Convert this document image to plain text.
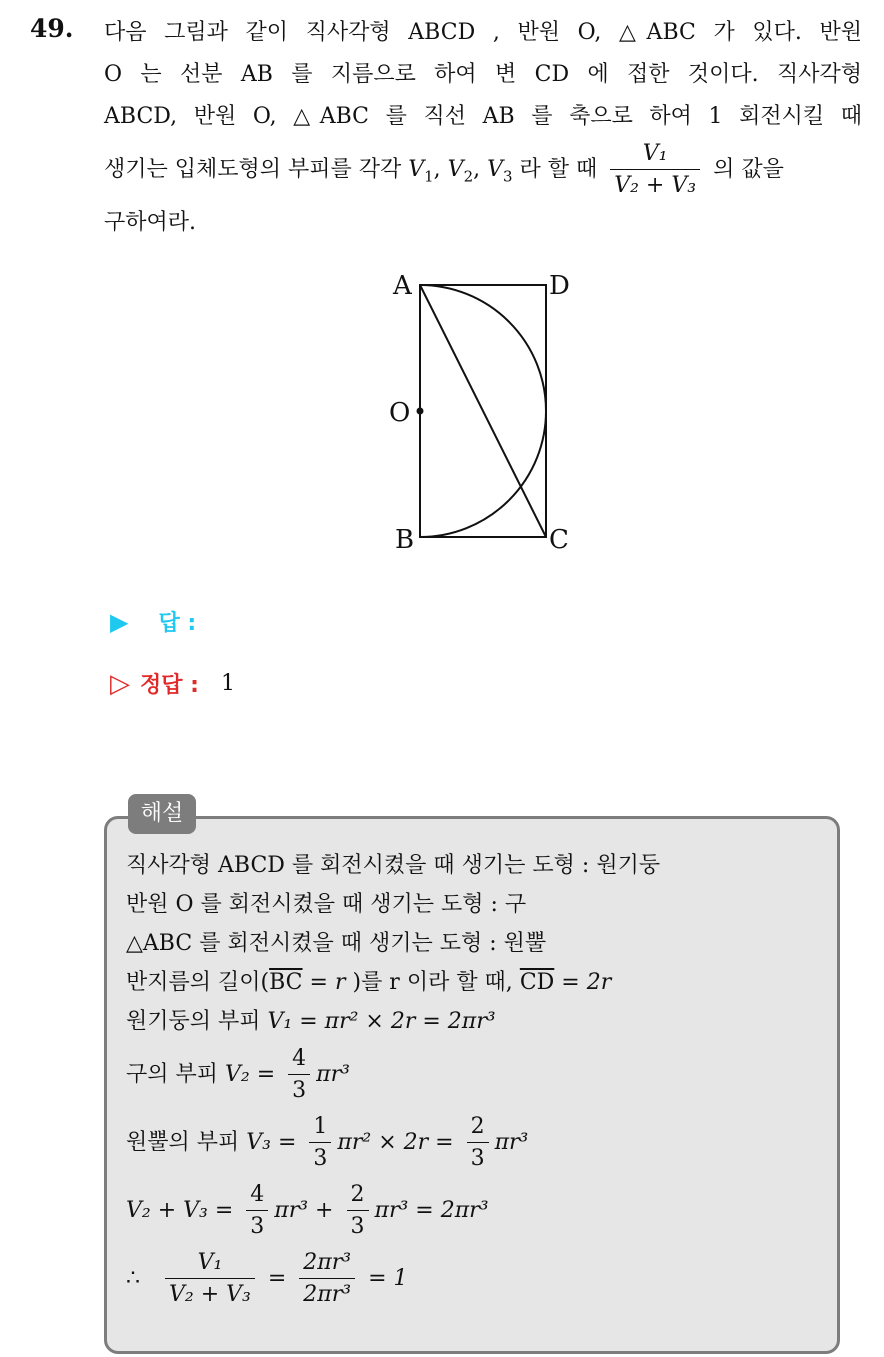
49. 다음 그림과 같이 직사각형 ABCD , 반원 O, △ABC 가 있다. 반원
O 는 선분 AB 를 지름으로 하여 변 CD 에 접한 것이다. 직사각형
ABCD, 반원 O, △ABC 를 직선 AB 를 축으로 하여 1 회전시킬 때
생기는 입체도형의 부피를 각각 $V_1$, $V_2$, $V_3$ 라 할 때 $\frac{\text{V₁}}{\text{V₂ + V₃}}$ 의 값을
구하여라.
A	D
O
B	C
▶ 답 :
▷ 정답 : 1
해설
직사각형 ABCD 를 회전시켰을 때 생기는 도형 : 원기둥
반원 O 를 회전시켰을 때 생기는 도형 : 구
△ABC 를 회전시켰을 때 생기는 도형 : 원뿔
반지름의 길이($\overline{BC} = r$ )를 r 이라 할 때, $\overline{CD} = 2r$
원기둥의 부피 V₁ = πr² × 2r = 2πr³
구의 부피 $V_2 = \frac{4}{3} \pi r^3$
원뿔의 부피 $V_3 = \frac{1}{3} \pi r^2 \times 2r = \frac{2}{3} \pi r^3$
$V_2 + V_3 = \frac{4}{3} \pi r^3 + \frac{2}{3} \pi r^3 = 2\pi r^3$
∴ $\frac{\text{V₁}}{\text{V₂ + V₃}} = \frac{\text{2πr³}}{\text{2πr³}} = 1$
